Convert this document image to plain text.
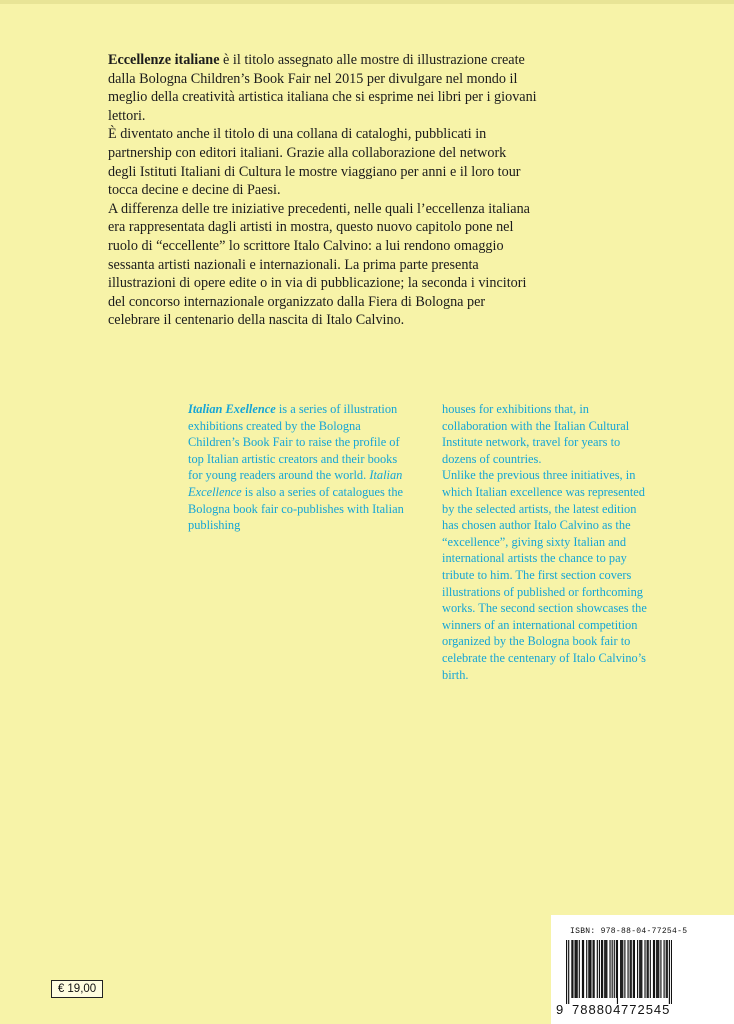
Eccellenze italiane è il titolo assegnato alle mostre di illustrazione create dalla Bologna Children’s Book Fair nel 2015 per divulgare nel mondo il meglio della creatività artistica italiana che si esprime nei libri per i giovani lettori.

È diventato anche il titolo di una collana di cataloghi, pubblicati in partnership con editori italiani. Grazie alla collaborazione del network degli Istituti Italiani di Cultura le mostre viaggiano per anni e il loro tour tocca decine e decine di Paesi.

A differenza delle tre iniziative precedenti, nelle quali l’eccellenza italiana era rappresentata dagli artisti in mostra, questo nuovo capitolo pone nel ruolo di “eccellente” lo scrittore Italo Calvino: a lui rendono omaggio sessanta artisti nazionali e internazionali. La prima parte presenta illustrazioni di opere edite o in via di pubblicazione; la seconda i vincitori del concorso internazionale organizzato dalla Fiera di Bologna per celebrare il centenario della nascita di Italo Calvino.

Italian Exellence is a series of illustration exhibitions created by the Bologna Children’s Book Fair to raise the profile of top Italian artistic creators and their books for young readers around the world. Italian Excellence is also a series of catalogues the Bologna book fair co-publishes with Italian publishing

houses for exhibitions that, in collaboration with the Italian Cultural Institute network, travel for years to dozens of countries.

Unlike the previous three initiatives, in which Italian excellence was represented by the selected artists, the latest edition has chosen author Italo Calvino as the “excellence”, giving sixty Italian and international artists the chance to pay tribute to him. The first section covers illustrations of published or forthcoming works. The second section showcases the winners of an international competition organized by the Bologna book fair to celebrate the centenary of Italo Calvino’s birth.

€ 19,00
ISBN: 978-88-04-77254-5
9 788804 772545
